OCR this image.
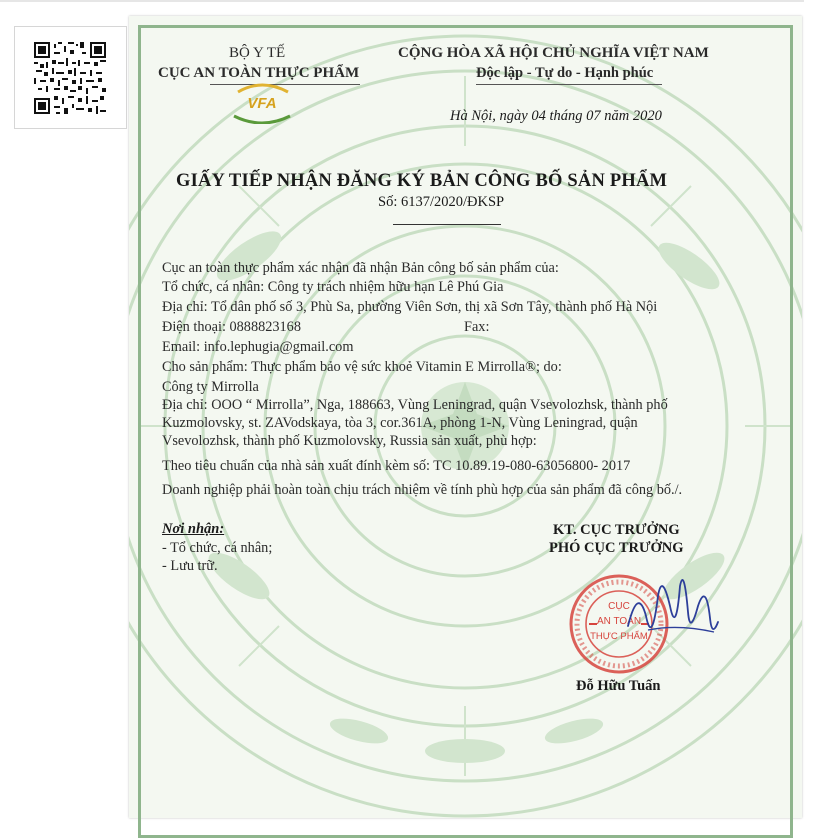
BỘ Y TẾ
CỤC AN TOÀN THỰC PHẨM
VFA
CỘNG HÒA XÃ HỘI CHỦ NGHĨA VIỆT NAM
Độc lập - Tự do - Hạnh phúc
Hà Nội, ngày 04 tháng 07 năm 2020
GIẤY TIẾP NHẬN ĐĂNG KÝ BẢN CÔNG BỐ SẢN PHẨM
Số: 6137/2020/ĐKSP
Cục an toàn thực phẩm xác nhận đã nhận Bản công bố sản phẩm của:
Tổ chức, cá nhân: Công ty trách nhiệm hữu hạn Lê Phú Gia
Địa chỉ: Tổ dân phố số 3, Phù Sa, phường Viên Sơn, thị xã Sơn Tây, thành phố Hà Nội
Điện thoại: 0888823168	Fax:
Email: info.lephugia@gmail.com
Cho sản phẩm: Thực phẩm bảo vệ sức khoẻ Vitamin E Mirrolla®; do:
Công ty Mirrolla
Địa chỉ: OOO “ Mirrolla”, Nga, 188663, Vùng Leningrad, quận Vsevolozhsk, thành phố
Kuzmolovsky, st. ZAVodskaya, tòa 3, cor.361A, phòng 1-N, Vùng Leningrad, quận
Vsevolozhsk, thành phố Kuzmolovsky, Russia sản xuất, phù hợp:
Theo tiêu chuẩn của nhà sản xuất đính kèm số: TC 10.89.19-080-63056800- 2017
Doanh nghiệp phải hoàn toàn chịu trách nhiệm về tính phù hợp của sản phẩm đã công bố./.
Nơi nhận:
- Tổ chức, cá nhân;
- Lưu trữ.
KT. CỤC TRƯỞNG
PHÓ CỤC TRƯỞNG
CỤC
AN TOÀN
THỰC PHẨM
Đỗ Hữu Tuấn
